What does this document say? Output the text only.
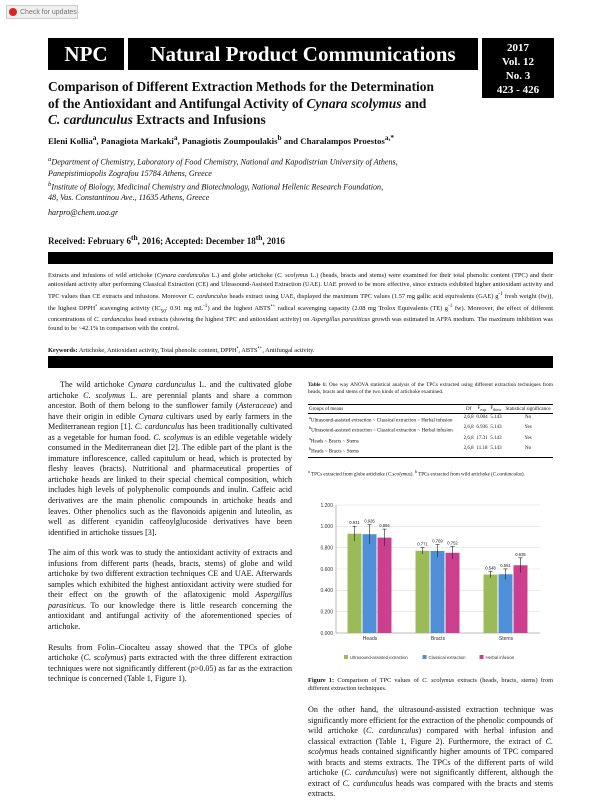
Check for updates
NPC Natural Product Communications	2017
Vol. 12
No. 3
423 - 426
Comparison of Different Extraction Methods for the Determination
of the Antioxidant and Antifungal Activity of Cynara scolymus and
C. cardunculus Extracts and Infusions
Eleni Kollia$^a$, Panagiota Markaki$^a$, Panagiotis Zoumpoulakis$^b$ and Charalampos Proestos$^{a,*}$
$^a$Department of Chemistry, Laboratory of Food Chemistry, National and Kapodistrian University of Athens,
Panepistimiopolis Zografou 15784 Athens, Greece
$^b$Institute of Biology, Medicinal Chemistry and Biotechnology, National Hellenic Research Foundation,
48, Vas. Constantinou Ave., 11635 Athens, Greece
harpro@chem.uoa.gr
Received: February 6th, 2016; Accepted: December 18th, 2016
Extracts and infusions of wild artichoke (Cynara cardunculus L.) and globe artichoke (C. scolymus L.) (heads, bracts and stems) were examined for their total phenolic content (TPC) and their antioxidant activity after performing Classical Extraction (CE) and Ultrasound-Assisted Extraction (UAE). UAE proved to be more effective, since extracts exhibited higher antioxidant activity and TPC values than CE extracts and infusions. Moreover C. cardunculus heads extract using UAE, displayed the maximum TPC values (1.57 mg gallic acid equivalents (GAE) $g^{-1}$ fresh weight (fw)), the highest DPPH• scavenging activity ($IC_{50}$: 0.91 mg $mL^{-1}$) and the highest ABTS•+ radical scavenging capacity (2.08 mg Trolox Equivalents (TE) $g^{-1}$ fw). Moreover, the effect of different concentrations of C. cardunculus head extracts (showing the highest TPC and antioxidant activity) on Aspergillus parasiticus growth was estimated in AFPA medium. The maximum inhibition was found to be ~42.1% in comparison with the control.
Keywords: Artichoke, Antioxidant activity, Total phenolic content, DPPH•, ABTS•+, Antifungal activity.

The wild artichoke Cynara cardunculus L. and the cultivated globe artichoke C. scolymus L. are perennial plants and share a common ancestor. Both of them belong to the sunflower family (Asteraceae) and have their origin in edible Cynara cultivars used by early farmers in the Mediterranean region [1]. C. cardunculus has been traditionally cultivated as a vegetable for human food. C. scolymus is an edible vegetable widely consumed in the Mediterranean diet [2]. The edible part of the plant is the immature inflorescence, called capitulum or head, which is protected by fleshy leaves (bracts). Nutritional and pharmaceutical properties of artichoke heads are linked to their special chemical composition, which includes high levels of polyphenolic compounds and inulin. Caffeic acid derivatives are the main phenolic compounds in artichoke heads and leaves. Other phenolics such as the flavonoids apigenin and luteolin, as well as different cyanidin caffeoylglucoside derivatives have been identified in artichoke tissues [3].

The aim of this work was to study the antioxidant activity of extracts and infusions from different parts (heads, bracts, stems) of globe and wild artichoke by two different extraction techniques CE and UAE. Afterwards samples which exhibited the highest antioxidant activity were studied for their effect on the growth of the aflatoxigenic mold Aspergillus parasiticus. To our knowledge there is little research concerning the antioxidant and antifungal activity of the aforementioned species of artichoke.

Results from Folin–Ciocalteu assay showed that the TPCs of globe artichoke (C. scolymus) parts extracted with the three different extraction techniques were not significantly different (p>0.05) as far as the extraction technique is concerned (Table 1, Figure 1).

Table 1: One way ANOVA statistical analysis of the TPCs extracted using different extraction techniques from heads, bracts and stems of the two kinds of artichoke examined.
Groups of means	Df	$F_{exp}$	$F_{theor}$	Statistical significance
$^a$Ultrasound-assisted extraction ~ Classical extraction ~ Herbal infusion	2,6,8	0.004	5.143	No
$^b$Ultrasound-assisted extraction ~ Classical extraction ~ Herbal infusion	2,6,8	6.936	5.143	Yes
$^a$Heads ~ Bracts ~ Stems	2,6,8	17.31	5.143	Yes
$^b$Heads ~ Bracts ~ Stems	2,6,8	11.18	5.143	No
$^a$ TPCs extracted from globe artichoke (C.scolymus). $^b$ TPCs extracted from wild artichoke (C.cardunculus).
1.200
1.000
0.800
0.600
0.400
0.200
0.000
0.931 0.926
0.894
Heads
0.771
0.769 0.752
Bracts
0.548 0.551
0.635
Stems
Ultrasound-assisted extraction	Classical extraction	Herbal infusion
Figure 1: Comparison of TPC values of C. scolymus extracts (heads, bracts, stems) from different extraction techniques.

On the other hand, the ultrasound-assisted extraction technique was significantly more efficient for the extraction of the phenolic compounds of wild artichoke (C. cardunculus) compared with herbal infusion and classical extraction (Table 1, Figure 2). Furthermore, the extract of C. scolymus heads contained significantly higher amounts of TPC compared with bracts and stems extracts. The TPCs of the different parts of wild artichoke (C. cardunculus) were not significantly different, although the extract of C. cardunculus heads was compared with the bracts and stems extracts.
